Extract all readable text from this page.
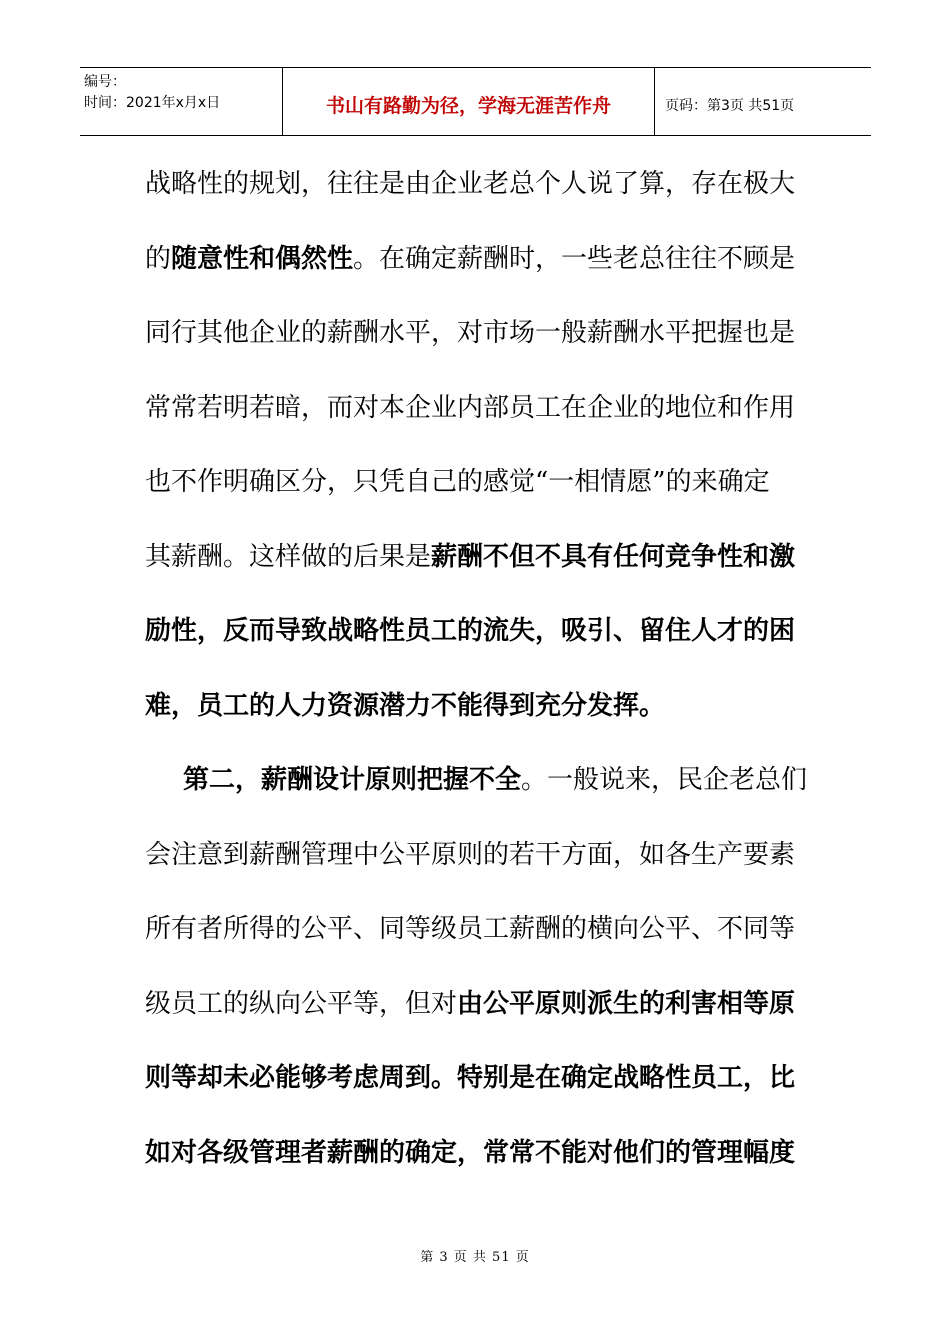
编号：
时间：2021年x月x日	书山有路勤为径，学海无涯苦作舟	页码：第3页 共51页
战略性的规划，往往是由企业老总个人说了算，存在极大
的随意性和偶然性。在确定薪酬时，一些老总往往不顾是
同行其他企业的薪酬水平，对市场一般薪酬水平把握也是
常常若明若暗，而对本企业内部员工在企业的地位和作用
也不作明确区分，只凭自己的感觉“一相情愿”的来确定
其薪酬。这样做的后果是薪酬不但不具有任何竞争性和激
励性，反而导致战略性员工的流失，吸引、留住人才的困
难，员工的人力资源潜力不能得到充分发挥。
第二，薪酬设计原则把握不全。一般说来，民企老总们
会注意到薪酬管理中公平原则的若干方面，如各生产要素
所有者所得的公平、同等级员工薪酬的横向公平、不同等
级员工的纵向公平等，但对由公平原则派生的利害相等原
则等却未必能够考虑周到。特别是在确定战略性员工，比
如对各级管理者薪酬的确定，常常不能对他们的管理幅度
第 3 页 共 51 页
